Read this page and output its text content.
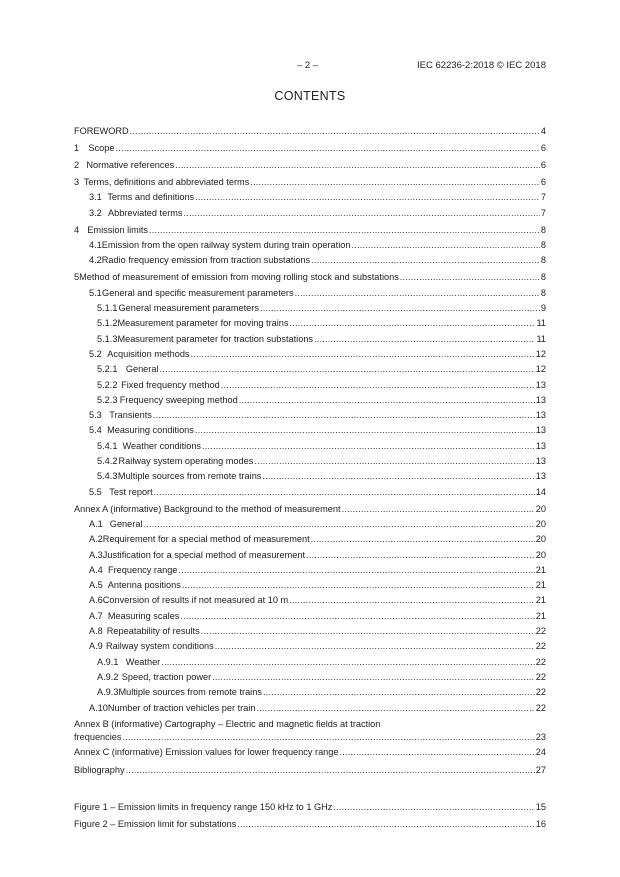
– 2 –	IEC 62236-2:2018 © IEC 2018
CONTENTS
FOREWORD .....	4
1	Scope .....	6
2 Normative references .....	6
3 Terms, definitions and abbreviated terms .....	6
3.1 Terms and definitions .....	7
3.2 Abbreviated terms .....	7
4 Emission limits .....	8
4.1 Emission from the open railway system during train operation .....	8
4.2 Radio frequency emission from traction substations .....	8
5 Method of measurement of emission from moving rolling stock and substations .....	8
5.1 General and specific measurement parameters .....	8
5.1.1 General measurement parameters .....	9
5.1.2 Measurement parameter for moving trains .....	11
5.1.3 Measurement parameter for traction substations .....	11
5.2 Acquisition methods .....	12
5.2.1 General .....	12
5.2.2 Fixed frequency method .....	13
5.2.3 Frequency sweeping method .....	13
5.3 Transients .....	13
5.4 Measuring conditions .....	13
5.4.1 Weather conditions .....	13
5.4.2 Railway system operating modes .....	13
5.4.3 Multiple sources from remote trains .....	13
5.5 Test report .....	14
Annex A (informative) Background to the method of measurement .....	20
A.1 General .....	20
A.2 Requirement for a special method of measurement .....	20
A.3 Justification for a special method of measurement .....	20
A.4 Frequency range .....	21
A.5 Antenna positions .....	21
A.6 Conversion of results if not measured at 10 m .....	21
A.7 Measuring scales .....	21
A.8 Repeatability of results .....	22
A.9 Railway system conditions .....	22
A.9.1 Weather .....	22
A.9.2 Speed, traction power .....	22
A.9.3 Multiple sources from remote trains .....	22
A.10 Number of traction vehicles per train .....	22
Annex B (informative) Cartography – Electric and magnetic fields at traction
frequencies .....	23
Annex C (informative) Emission values for lower frequency range .....	24
Bibliography .....	27
Figure 1 – Emission limits in frequency range 150 kHz to 1 GHz .....	15
Figure 2 – Emission limit for substations .....	16
